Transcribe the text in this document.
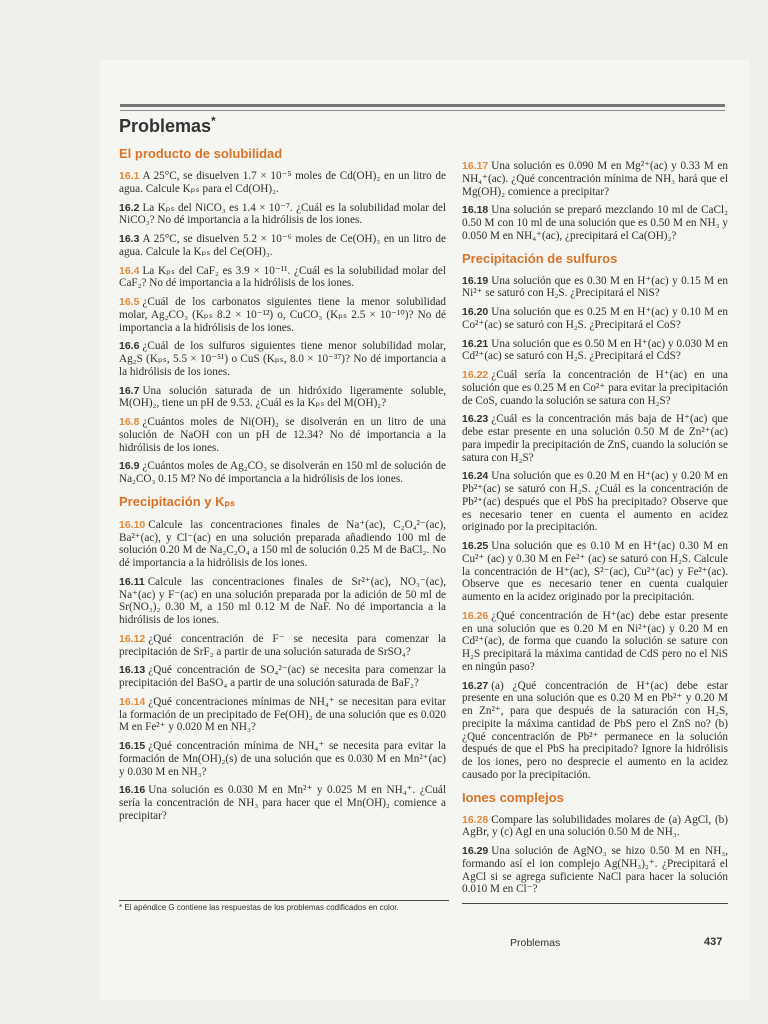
Problemas*
El producto de solubilidad
16.1 A 25°C, se disuelven 1.7 × 10⁻⁵ moles de Cd(OH)₂ en un litro de agua. Calcule Kₚₛ para el Cd(OH)₂.
16.2 La Kₚₛ del NiCO₃ es 1.4 × 10⁻⁷. ¿Cuál es la solubilidad molar del NiCO₃? No dé importancia a la hidrólisis de los iones.
16.3 A 25°C, se disuelven 5.2 × 10⁻⁶ moles de Ce(OH)₃ en un litro de agua. Calcule la Kₚₛ del Ce(OH)₃.
16.4 La Kₚₛ del CaF₂ es 3.9 × 10⁻¹¹. ¿Cuál es la solubilidad molar del CaF₂? No dé importancia a la hidrólisis de los iones.
16.5 ¿Cuál de los carbonatos siguientes tiene la menor solubilidad molar, Ag₂CO₃ (Kₚₛ 8.2 × 10⁻¹²) o, CuCO₃ (Kₚₛ 2.5 × 10⁻¹⁰)? No dé importancia a la hidrólisis de los iones.
16.6 ¿Cuál de los sulfuros siguientes tiene menor solubilidad molar, Ag₂S (Kₚₛ, 5.5 × 10⁻⁵¹) o CuS (Kₚₛ, 8.0 × 10⁻³⁷)? No dé importancia a la hidrólisis de los iones.
16.7 Una solución saturada de un hidróxido ligeramente soluble, M(OH)₂, tiene un pH de 9.53. ¿Cuál es la Kₚₛ del M(OH)₂?
16.8 ¿Cuántos moles de Ni(OH)₂ se disolverán en un litro de una solución de NaOH con un pH de 12.34? No dé importancia a la hidrólisis de los iones.
16.9 ¿Cuántos moles de Ag₂CO₃ se disolverán en 150 ml de solución de Na₂CO₃ 0.15 M? No dé importancia a la hidrólisis de los iones.
Precipitación y Kₚₛ
16.10 Calcule las concentraciones finales de Na⁺(ac), C₂O₄²⁻(ac), Ba²⁺(ac), y Cl⁻(ac) en una solución preparada añadiendo 100 ml de solución 0.20 M de Na₂C₂O₄ a 150 ml de solución 0.25 M de BaCl₂. No dé importancia a la hidrólisis de los iones.
16.11 Calcule las concentraciones finales de Sr²⁺(ac), NO₃⁻(ac), Na⁺(ac) y F⁻(ac) en una solución preparada por la adición de 50 ml de Sr(NO₃)₂ 0.30 M, a 150 ml 0.12 M de NaF. No dé importancia a la hidrólisis de los iones.
16.12 ¿Qué concentración de F⁻ se necesita para comenzar la precipitación de SrF₂ a partir de una solución saturada de SrSO₄?
16.13 ¿Qué concentración de SO₄²⁻(ac) se necesita para comenzar la precipitación del BaSO₄ a partir de una solución saturada de BaF₂?
16.14 ¿Qué concentraciones mínimas de NH₄⁺ se necesitan para evitar la formación de un precipitado de Fe(OH)₂ de una solución que es 0.020 M en Fe²⁺ y 0.020 M en NH₃?
16.15 ¿Qué concentración mínima de NH₄⁺ se necesita para evitar la formación de Mn(OH)₂(s) de una solución que es 0.030 M en Mn²⁺(ac) y 0.030 M en NH₃?
16.16 Una solución es 0.030 M en Mn²⁺ y 0.025 M en NH₄⁺. ¿Cuál sería la concentración de NH₃ para hacer que el Mn(OH)₂ comience a precipitar?
16.17 Una solución es 0.090 M en Mg²⁺(ac) y 0.33 M en NH₄⁺(ac). ¿Qué concentración mínima de NH₃ hará que el Mg(OH)₂ comience a precipitar?
16.18 Una solución se preparó mezclando 10 ml de CaCl₂ 0.50 M con 10 ml de una solución que es 0.50 M en NH₃ y 0.050 M en NH₄⁺(ac), ¿precipitará el Ca(OH)₂?
Precipitación de sulfuros
16.19 Una solución que es 0.30 M en H⁺(ac) y 0.15 M en Ni²⁺ se saturó con H₂S. ¿Precipitará el NiS?
16.20 Una solución que es 0.25 M en H⁺(ac) y 0.10 M en Co²⁺(ac) se saturó con H₂S. ¿Precipitará el CoS?
16.21 Una solución que es 0.50 M en H⁺(ac) y 0.030 M en Cd²⁺(ac) se saturó con H₂S. ¿Precipitará el CdS?
16.22 ¿Cuál sería la concentración de H⁺(ac) en una solución que es 0.25 M en Co²⁺ para evitar la precipitación de CoS, cuando la solución se satura con H₂S?
16.23 ¿Cuál es la concentración más baja de H⁺(ac) que debe estar presente en una solución 0.50 M de Zn²⁺(ac) para impedir la precipitación de ZnS, cuando la solución se satura con H₂S?
16.24 Una solución que es 0.20 M en H⁺(ac) y 0.20 M en Pb²⁺(ac) se saturó con H₂S. ¿Cuál es la concentración de Pb²⁺(ac) después que el PbS ha precipitado? Observe que es necesario tener en cuenta el aumento en acidez originado por la precipitación.
16.25 Una solución que es 0.10 M en H⁺(ac) 0.30 M en Cu²⁺ (ac) y 0.30 M en Fe²⁺ (ac) se saturó con H₂S. Calcule la concentración de H⁺(ac), S²⁻(ac), Cu²⁺(ac) y Fe²⁺(ac). Observe que es necesario tener en cuenta cualquier aumento en la acidez originado por la precipitación.
16.26 ¿Qué concentración de H⁺(ac) debe estar presente en una solución que es 0.20 M en Ni²⁺(ac) y 0.20 M en Cd²⁺(ac), de forma que cuando la solución se sature con H₂S precipitará la máxima cantidad de CdS pero no el NiS en ningún paso?
16.27 (a) ¿Qué concentración de H⁺(ac) debe estar presente en una solución que es 0.20 M en Pb²⁺ y 0.20 M en Zn²⁺, para que después de la saturación con H₂S, precipite la máxima cantidad de PbS pero el ZnS no? (b) ¿Qué concentración de Pb²⁺ permanece en la solución después de que el PbS ha precipitado? Ignore la hidrólisis de los iones, pero no desprecie el aumento en la acidez causado por la precipitación.
Iones complejos
16.28 Compare las solubilidades molares de (a) AgCl, (b) AgBr, y (c) AgI en una solución 0.50 M de NH₃.
16.29 Una solución de AgNO₃ se hizo 0.50 M en NH₃, formando así el ion complejo Ag(NH₃)₂⁺. ¿Precipitará el AgCl si se agrega suficiente NaCl para hacer la solución 0.010 M en Cl⁻?
* El apéndice G contiene las respuestas de los problemas codificados en color.
Problemas	437
